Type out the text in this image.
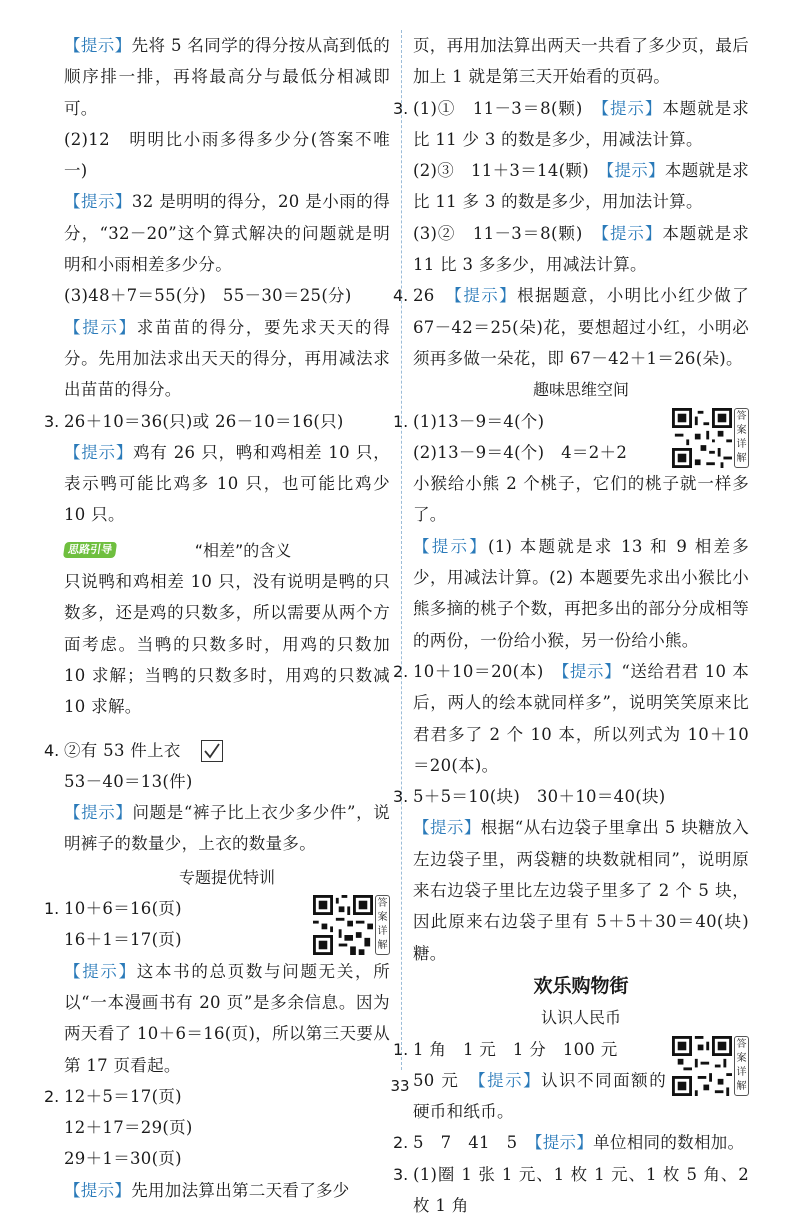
【提示】先将 5 名同学的得分按从高到低的顺序排一排，再将最高分与最低分相减即可。

(2)12　明明比小雨多得多少分(答案不唯一)

【提示】32 是明明的得分，20 是小雨的得分，“32－20”这个算式解决的问题就是明明和小雨相差多少分。

(3)48＋7＝55(分)　55－30＝25(分)

【提示】求苗苗的得分，要先求天天的得分。先用加法求出天天的得分，再用减法求出苗苗的得分。

3. 26＋10＝36(只)或 26－10＝16(只)

【提示】鸡有 26 只，鸭和鸡相差 10 只，表示鸭可能比鸡多 10 只，也可能比鸡少 10 只。

思路引导	“相差”的含义

只说鸭和鸡相差 10 只，没有说明是鸭的只数多，还是鸡的只数多，所以需要从两个方面考虑。当鸭的只数多时，用鸡的只数加 10 求解；当鸭的只数多时，用鸡的只数减 10 求解。

4. ②有 53 件上衣

53－40＝13(件)

【提示】问题是“裤子比上衣少多少件”，说明裤子的数量少，上衣的数量多。

专题提优特训

1.	答
案
详
解

10＋6＝16(页)

16＋1＝17(页)

【提示】这本书的总页数与问题无关，所以“一本漫画书有 20 页”是多余信息。因为两天看了 10＋6＝16(页)，所以第三天要从第 17 页看起。

2. 12＋5＝17(页)

12＋17＝29(页)

29＋1＝30(页)

【提示】先用加法算出第二天看了多少

页，再用加法算出两天一共看了多少页，最后加上 1 就是第三天开始看的页码。

3. (1)①　11－3＝8(颗)　 【提示】本题就是求比 11 少 3 的数是多少，用减法计算。

(2)③　11＋3＝14(颗)　 【提示】本题就是求比 11 多 3 的数是多少，用加法计算。

(3)②　11－3＝8(颗)　 【提示】本题就是求 11 比 3 多多少，用减法计算。

4. 26　 【提示】根据题意，小明比小红少做了 67－42＝25(朵)花，要想超过小红，小明必须再多做一朵花，即 67－42＋1＝26(朵)。

趣味思维空间

1.	答
案
详
解

(1)13－9＝4(个)

(2)13－9＝4(个)　4＝2＋2

小猴给小熊 2 个桃子，它们的桃子就一样多了。

【提示】(1) 本题就是求 13 和 9 相差多少，用减法计算。(2) 本题要先求出小猴比小熊多摘的桃子个数，再把多出的部分分成相等的两份，一份给小猴，另一份给小熊。

2. 10＋10＝20(本)　 【提示】“送给君君 10 本后，两人的绘本就同样多”，说明笑笑原来比君君多了 2 个 10 本，所以列式为 10＋10＝20(本)。

3. 5＋5＝10(块)　30＋10＝40(块)

【提示】根据“从右边袋子里拿出 5 块糖放入左边袋子里，两袋糖的块数就相同”，说明原来右边袋子里比左边袋子里多了 2 个 5 块，因此原来右边袋子里有 5＋5＋30＝40(块)糖。

欢乐购物街

认识人民币

1.	答
案
详
解

1 角　1 元　1 分　100 元

50 元　 【提示】认识不同面额的硬币和纸币。

2. 5　7　41　5　 【提示】单位相同的数相加。

3. (1)圈 1 张 1 元、1 枚 1 元、1 枚 5 角、2 枚 1 角

33
